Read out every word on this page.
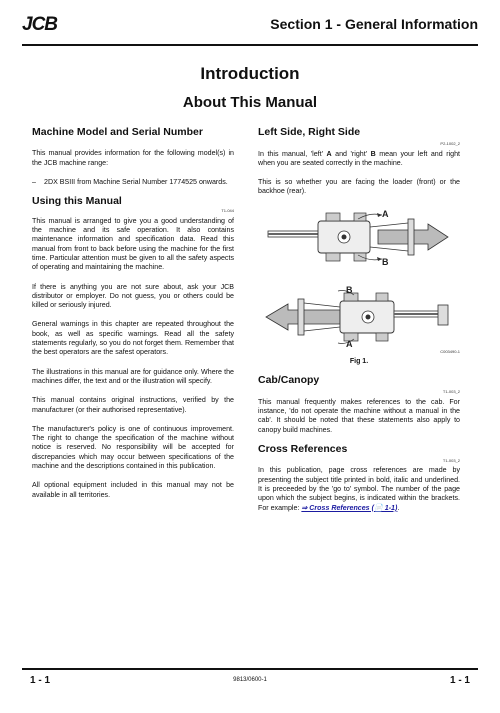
JCB	Section 1 - General Information
Introduction
About This Manual
Machine Model and Serial Number
This manual provides information for the following model(s) in the JCB machine range:
–	2DX BSIII from Machine Serial Number 1774525 onwards.
Using this Manual
T1-044
This manual is arranged to give you a good understanding of the machine and its safe operation. It also contains maintenance information and specification data. Read this manual from front to back before using the machine for the first time. Particular attention must be given to all the safety aspects of operating and maintaining the machine.
If there is anything you are not sure about, ask your JCB distributor or employer. Do not guess, you or others could be killed or seriously injured.
General warnings in this chapter are repeated throughout the book, as well as specific warnings. Read all the safety statements regularly, so you do not forget them. Remember that the best operators are the safest operators.
The illustrations in this manual are for guidance only. Where the machines differ, the text and or the illustration will specify.
This manual contains original instructions, verified by the manufacturer (or their authorised representative).
The manufacturer's policy is one of continuous improvement. The right to change the specification of the machine without notice is reserved. No responsibility will be accepted for discrepancies which may occur between specifications of the machine and the descriptions contained in this publication.
All optional equipment included in this manual may not be available in all territories.
Left Side, Right Side
P2-1002_2
In this manual, 'left' A and 'right' B mean your left and right when you are seated correctly in the machine.
This is so whether you are facing the loader (front) or the backhoe (rear).
A
B
B
A
C003490-1
Fig 1.
Cab/Canopy
T1-003_2
This manual frequently makes references to the cab. For instance, 'do not operate the machine without a manual in the cab'. It should be noted that these statements also apply to canopy build machines.
Cross References
T1-003_2
In this publication, page cross references are made by presenting the subject title printed in bold, italic and underlined. It is preceeded by the 'go to' symbol. The number of the page upon which the subject begins, is indicated within the brackets. For example: ⇒ Cross References (📄 1-1).
1 - 1	9813/0600-1	1 - 1
